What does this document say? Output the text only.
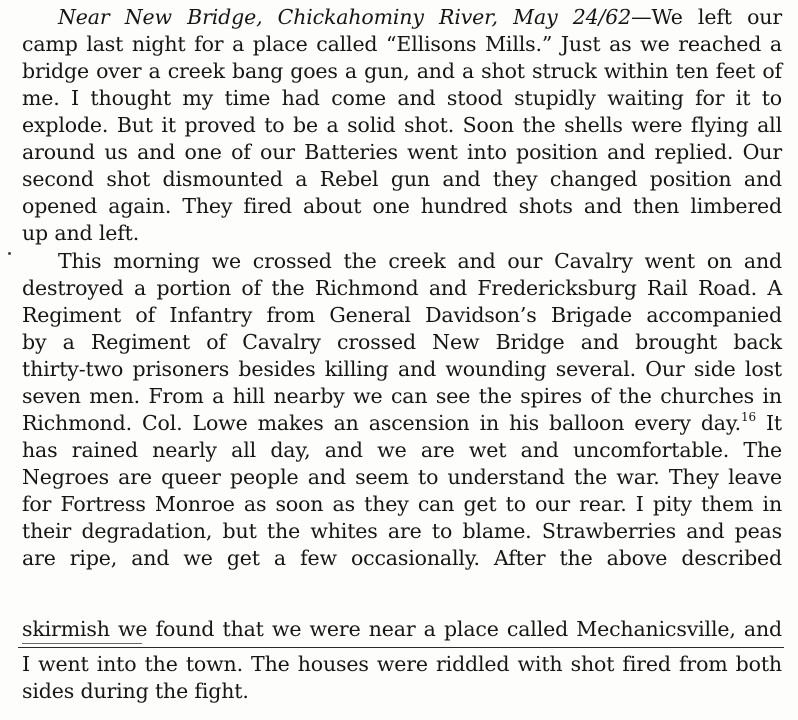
Near New Bridge, Chickahominy River, May 24/62—We left our
camp last night for a place called “Ellisons Mills.” Just as we reached a
bridge over a creek bang goes a gun, and a shot struck within ten feet of
me. I thought my time had come and stood stupidly waiting for it to
explode. But it proved to be a solid shot. Soon the shells were flying all
around us and one of our Batteries went into position and replied. Our
second shot dismounted a Rebel gun and they changed position and
opened again. They fired about one hundred shots and then limbered
up and left.
This morning we crossed the creek and our Cavalry went on and
destroyed a portion of the Richmond and Fredericksburg Rail Road. A
Regiment of Infantry from General Davidson’s Brigade accompanied
by a Regiment of Cavalry crossed New Bridge and brought back
thirty-two prisoners besides killing and wounding several. Our side lost
seven men. From a hill nearby we can see the spires of the churches in
Richmond. Col. Lowe makes an ascension in his balloon every day.$^{16}$ It
has rained nearly all day, and we are wet and uncomfortable. The
Negroes are queer people and seem to understand the war. They leave
for Fortress Monroe as soon as they can get to our rear. I pity them in
their degradation, but the whites are to blame. Strawberries and peas
are ripe, and we get a few occasionally. After the above described
skirmish we found that we were near a place called Mechanicsville, and
I went into the town. The houses were riddled with shot fired from both
sides during the fight.
